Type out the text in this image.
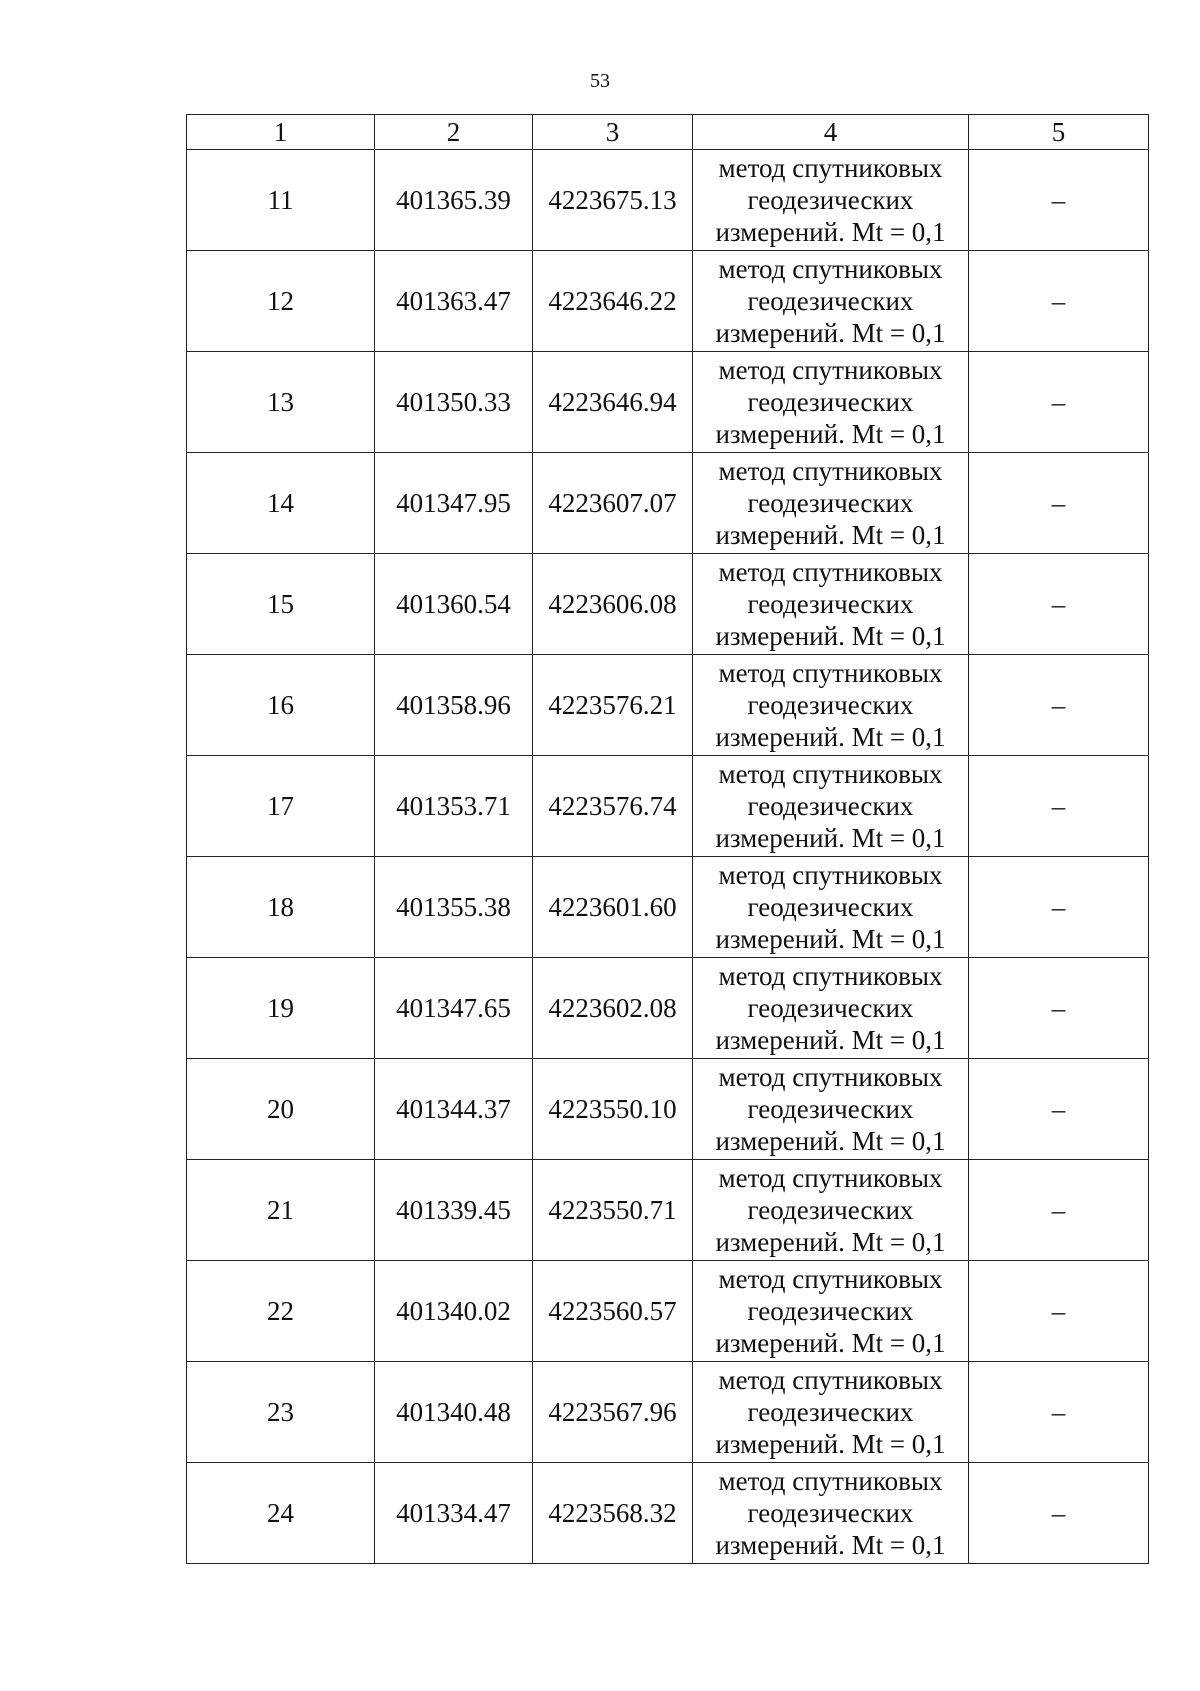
53
1	2	3	4	5
11	401365.39	4223675.13	метод спутниковых
геодезических
измерений. Mt = 0,1	–
12	401363.47	4223646.22	метод спутниковых
геодезических
измерений. Mt = 0,1	–
13	401350.33	4223646.94	метод спутниковых
геодезических
измерений. Mt = 0,1	–
14	401347.95	4223607.07	метод спутниковых
геодезических
измерений. Mt = 0,1	–
15	401360.54	4223606.08	метод спутниковых
геодезических
измерений. Mt = 0,1	–
16	401358.96	4223576.21	метод спутниковых
геодезических
измерений. Mt = 0,1	–
17	401353.71	4223576.74	метод спутниковых
геодезических
измерений. Mt = 0,1	–
18	401355.38	4223601.60	метод спутниковых
геодезических
измерений. Mt = 0,1	–
19	401347.65	4223602.08	метод спутниковых
геодезических
измерений. Mt = 0,1	–
20	401344.37	4223550.10	метод спутниковых
геодезических
измерений. Mt = 0,1	–
21	401339.45	4223550.71	метод спутниковых
геодезических
измерений. Mt = 0,1	–
22	401340.02	4223560.57	метод спутниковых
геодезических
измерений. Mt = 0,1	–
23	401340.48	4223567.96	метод спутниковых
геодезических
измерений. Mt = 0,1	–
24	401334.47	4223568.32	метод спутниковых
геодезических
измерений. Mt = 0,1	–
